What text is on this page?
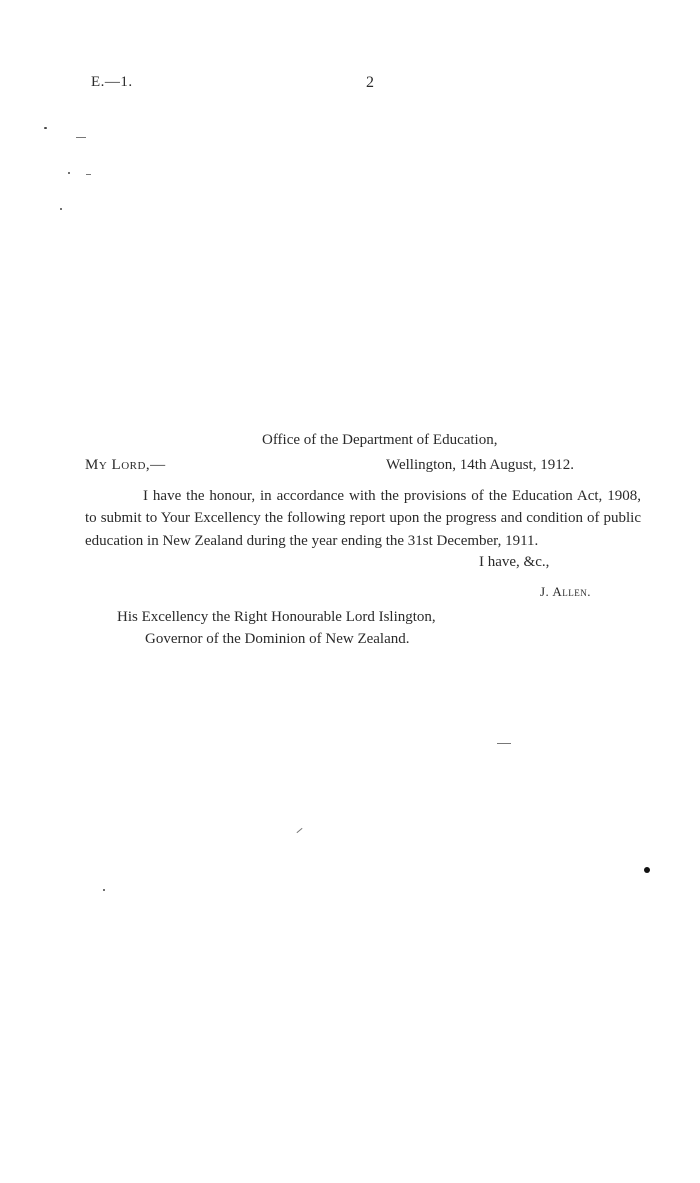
E.—1.	2
Office of the Department of Education,
My Lord,—	Wellington, 14th August, 1912.

I have the honour, in accordance with the provisions of the Education Act, 1908, to submit to Your Excellency the following report upon the progress and condition of public education in New Zealand during the year ending the 31st December, 1911.

I have, &c.,
J. Allen.
His Excellency the Right Honourable Lord Islington,
Governor of the Dominion of New Zealand.
